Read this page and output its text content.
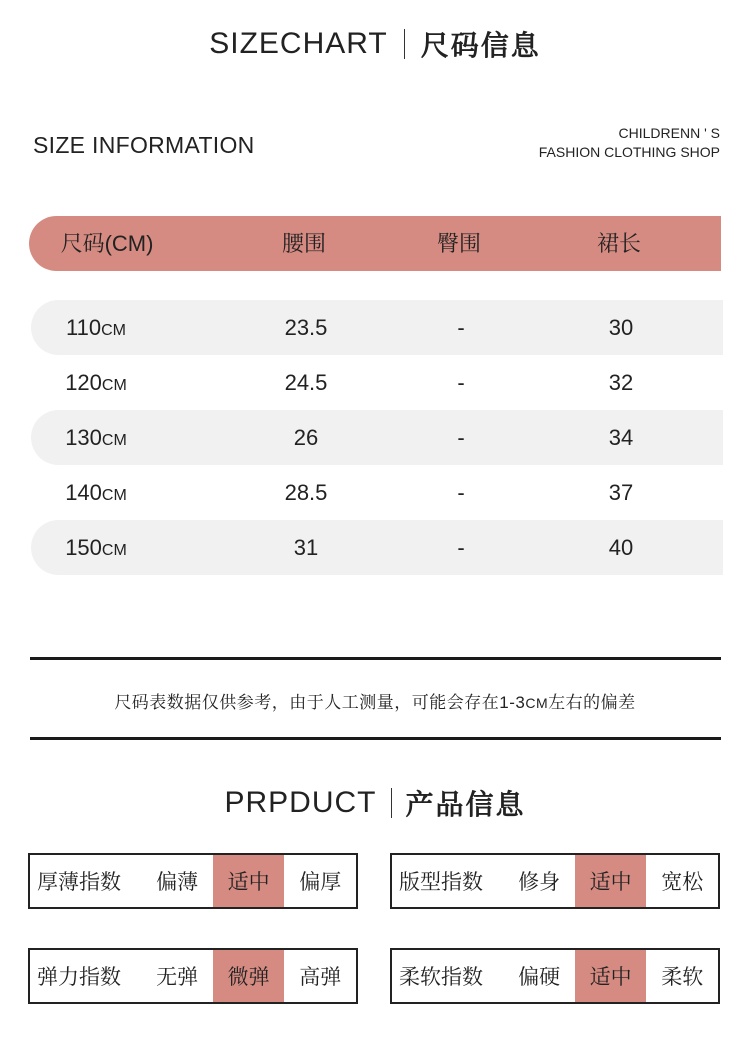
SIZECHART 尺码信息
SIZE INFORMATION	CHILDRENN ' S
FASHION CLOTHING SHOP
尺码(CM)	腰围	臀围	裙长
110CM	23.5	-	30
120CM	24.5	-	32
130CM	26	-	34
140CM	28.5	-	37
150CM	31	-	40
尺码表数据仅供参考，由于人工测量，可能会存在1-3CM左右的偏差
PRPDUCT 产品信息
厚薄指数	偏薄	适中	偏厚	版型指数	修身	适中	宽松
弹力指数	无弹	微弹	高弹	柔软指数	偏硬	适中	柔软
